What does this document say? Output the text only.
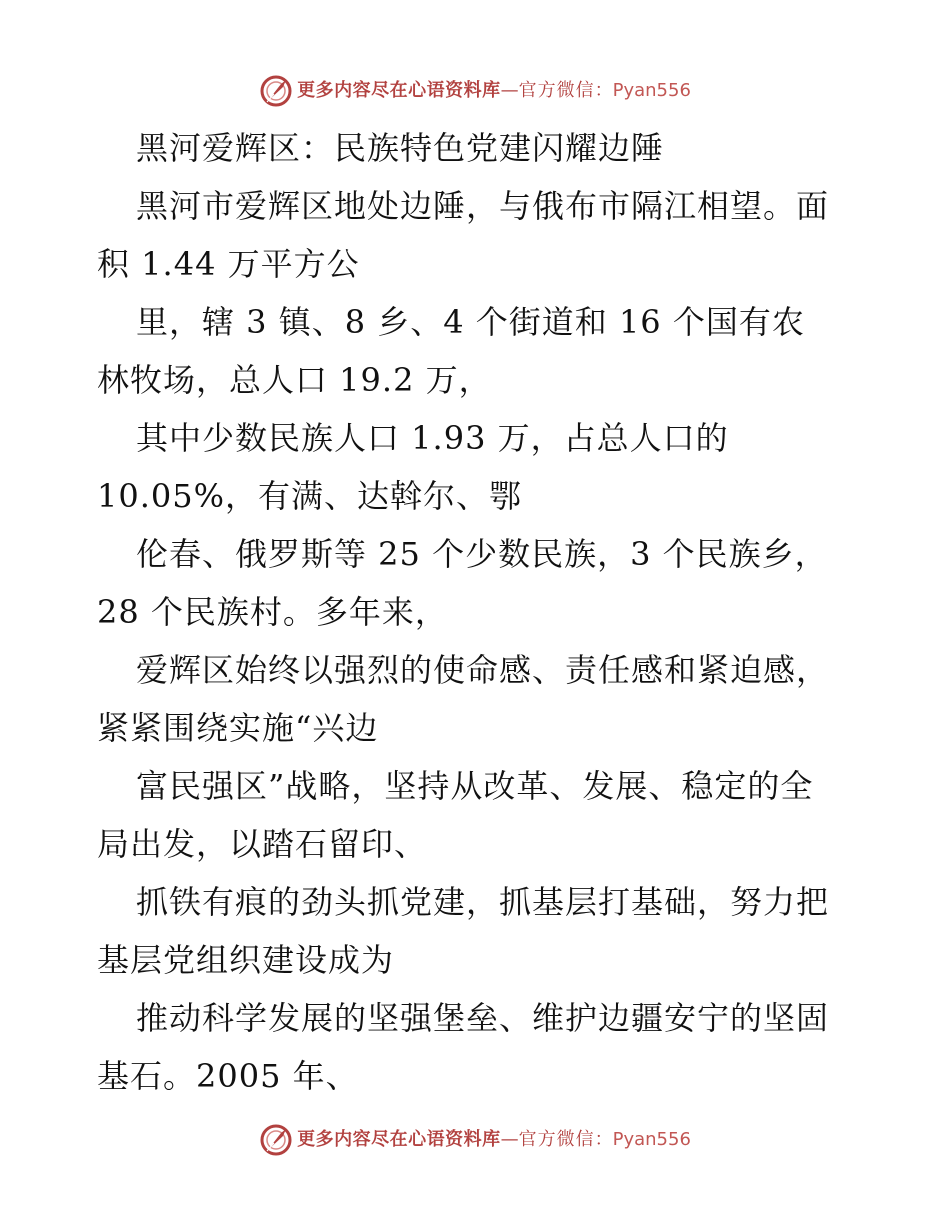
更多内容尽在心语资料库 — 官方微信 ： Pyan556
黑河爱辉区：民族特色党建闪耀边陲
黑河市爱辉区地处边陲，与俄布市隔江相望。面
积 1.44 万平方公
里，辖 3 镇、8 乡、4 个街道和 16 个国有农
林牧场，总人口 19.2 万，
其中少数民族人口 1.93 万，占总人口的
10.05%，有满、达斡尔、鄂
伦春、俄罗斯等 25 个少数民族，3 个民族乡，
28 个民族村。多年来，
爱辉区始终以强烈的使命感、责任感和紧迫感，
紧紧围绕实施“兴边
富民强区”战略，坚持从改革、发展、稳定的全
局出发，以踏石留印、
抓铁有痕的劲头抓党建，抓基层打基础，努力把
基层党组织建设成为
推动科学发展的坚强堡垒、维护边疆安宁的坚固
基石。2005 年、
更多内容尽在心语资料库 — 官方微信 ： Pyan556
